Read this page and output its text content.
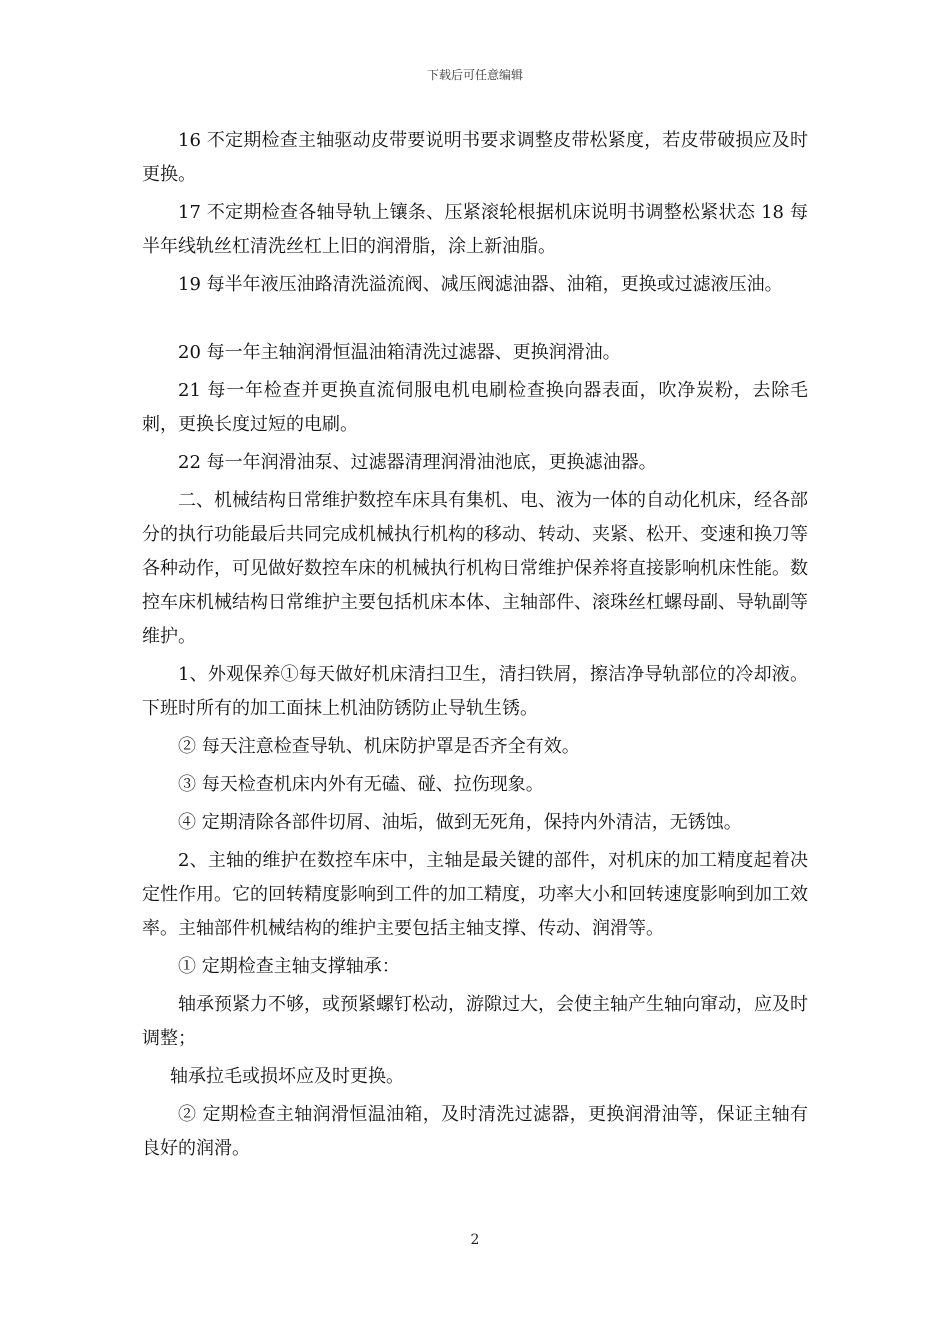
下载后可任意编辑

16 不定期检查主轴驱动皮带要说明书要求调整皮带松紧度，若皮带破损应及时更换。

17 不定期检查各轴导轨上镶条、压紧滚轮根据机床说明书调整松紧状态 18 每半年线轨丝杠清洗丝杠上旧的润滑脂，涂上新油脂。

19 每半年液压油路清洗溢流阀、减压阀滤油器、油箱，更换或过滤液压油。

20 每一年主轴润滑恒温油箱清洗过滤器、更换润滑油。

21 每一年检查并更换直流伺服电机电刷检查换向器表面，吹净炭粉，去除毛刺，更换长度过短的电刷。

22 每一年润滑油泵、过滤器清理润滑油池底，更换滤油器。

二、机械结构日常维护数控车床具有集机、电、液为一体的自动化机床，经各部分的执行功能最后共同完成机械执行机构的移动、转动、夹紧、松开、变速和换刀等各种动作，可见做好数控车床的机械执行机构日常维护保养将直接影响机床性能。数控车床机械结构日常维护主要包括机床本体、主轴部件、滚珠丝杠螺母副、导轨副等维护。

1、外观保养①每天做好机床清扫卫生，清扫铁屑，擦洁净导轨部位的冷却液。下班时所有的加工面抹上机油防锈防止导轨生锈。

② 每天注意检查导轨、机床防护罩是否齐全有效。

③ 每天检查机床内外有无磕、碰、拉伤现象。

④ 定期清除各部件切屑、油垢，做到无死角，保持内外清洁，无锈蚀。

2、主轴的维护在数控车床中，主轴是最关键的部件，对机床的加工精度起着决定性作用。它的回转精度影响到工件的加工精度，功率大小和回转速度影响到加工效率。主轴部件机械结构的维护主要包括主轴支撑、传动、润滑等。

① 定期检查主轴支撑轴承：

轴承预紧力不够，或预紧螺钉松动，游隙过大，会使主轴产生轴向窜动，应及时调整；

轴承拉毛或损坏应及时更换。

② 定期检查主轴润滑恒温油箱，及时清洗过滤器，更换润滑油等，保证主轴有良好的润滑。

2
